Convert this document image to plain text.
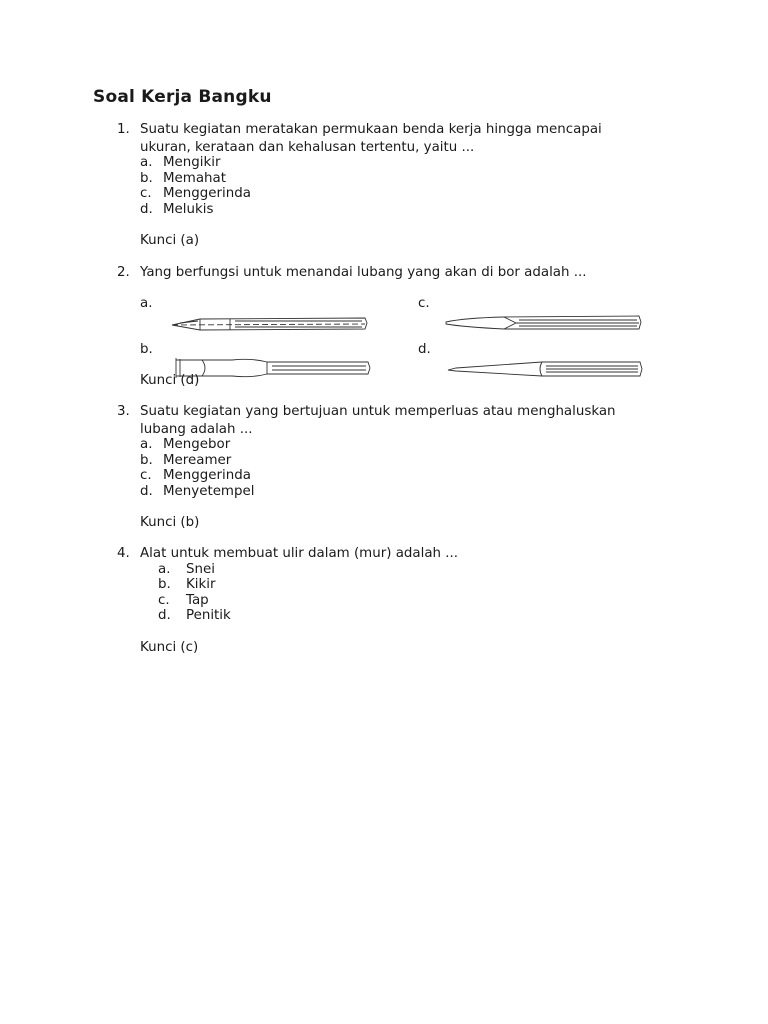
Soal Kerja Bangku
1. Suatu kegiatan meratakan permukaan benda kerja hingga mencapai
ukuran, kerataan dan kehalusan tertentu, yaitu ...
a. Mengikir
b. Memahat
c. Menggerinda
d. Melukis
Kunci (a)
2. Yang berfungsi untuk menandai lubang yang akan di bor adalah ...
a.	c.
b.	d.
Kunci (d)
3. Suatu kegiatan yang bertujuan untuk memperluas atau menghaluskan
lubang adalah ...
a. Mengebor
b. Mereamer
c. Menggerinda
d. Menyetempel
Kunci (b)
4. Alat untuk membuat ulir dalam (mur) adalah ...
a. Snei
b. Kikir
c. Tap
d. Penitik
Kunci (c)
